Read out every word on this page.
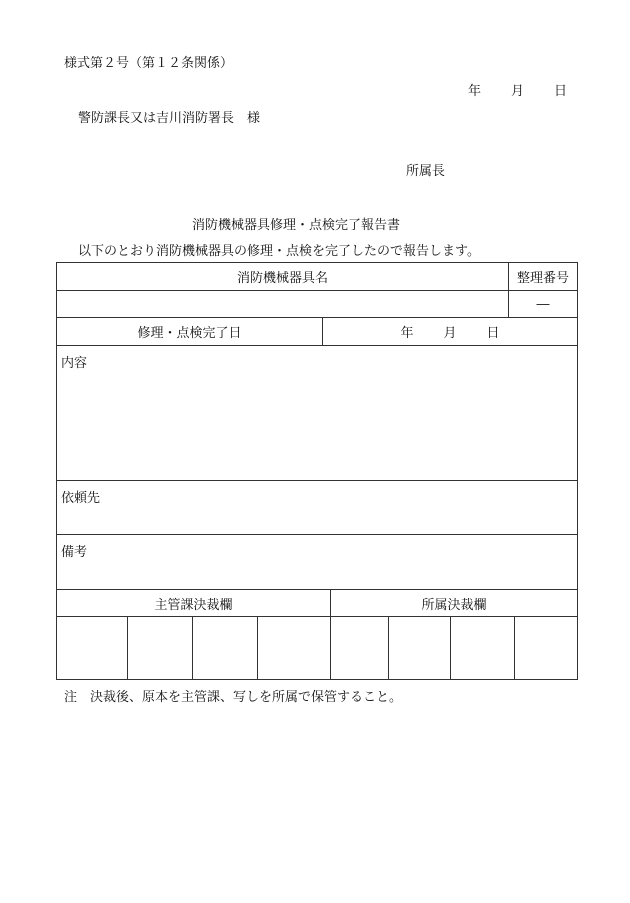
様式第２号（第１２条関係）
年 月 日
警防課長又は吉川消防署長　様
所属長
消防機械器具修理・点検完了報告書
以下のとおり消防機械器具の修理・点検を完了したので報告します。
消防機械器具名								整理番号	
								―	
修理・点検完了日				年 月 日					
内容									
依頼先									
備考									
主管課決裁欄					所属決裁欄				

注　決裁後、原本を主管課、写しを所属で保管すること。
